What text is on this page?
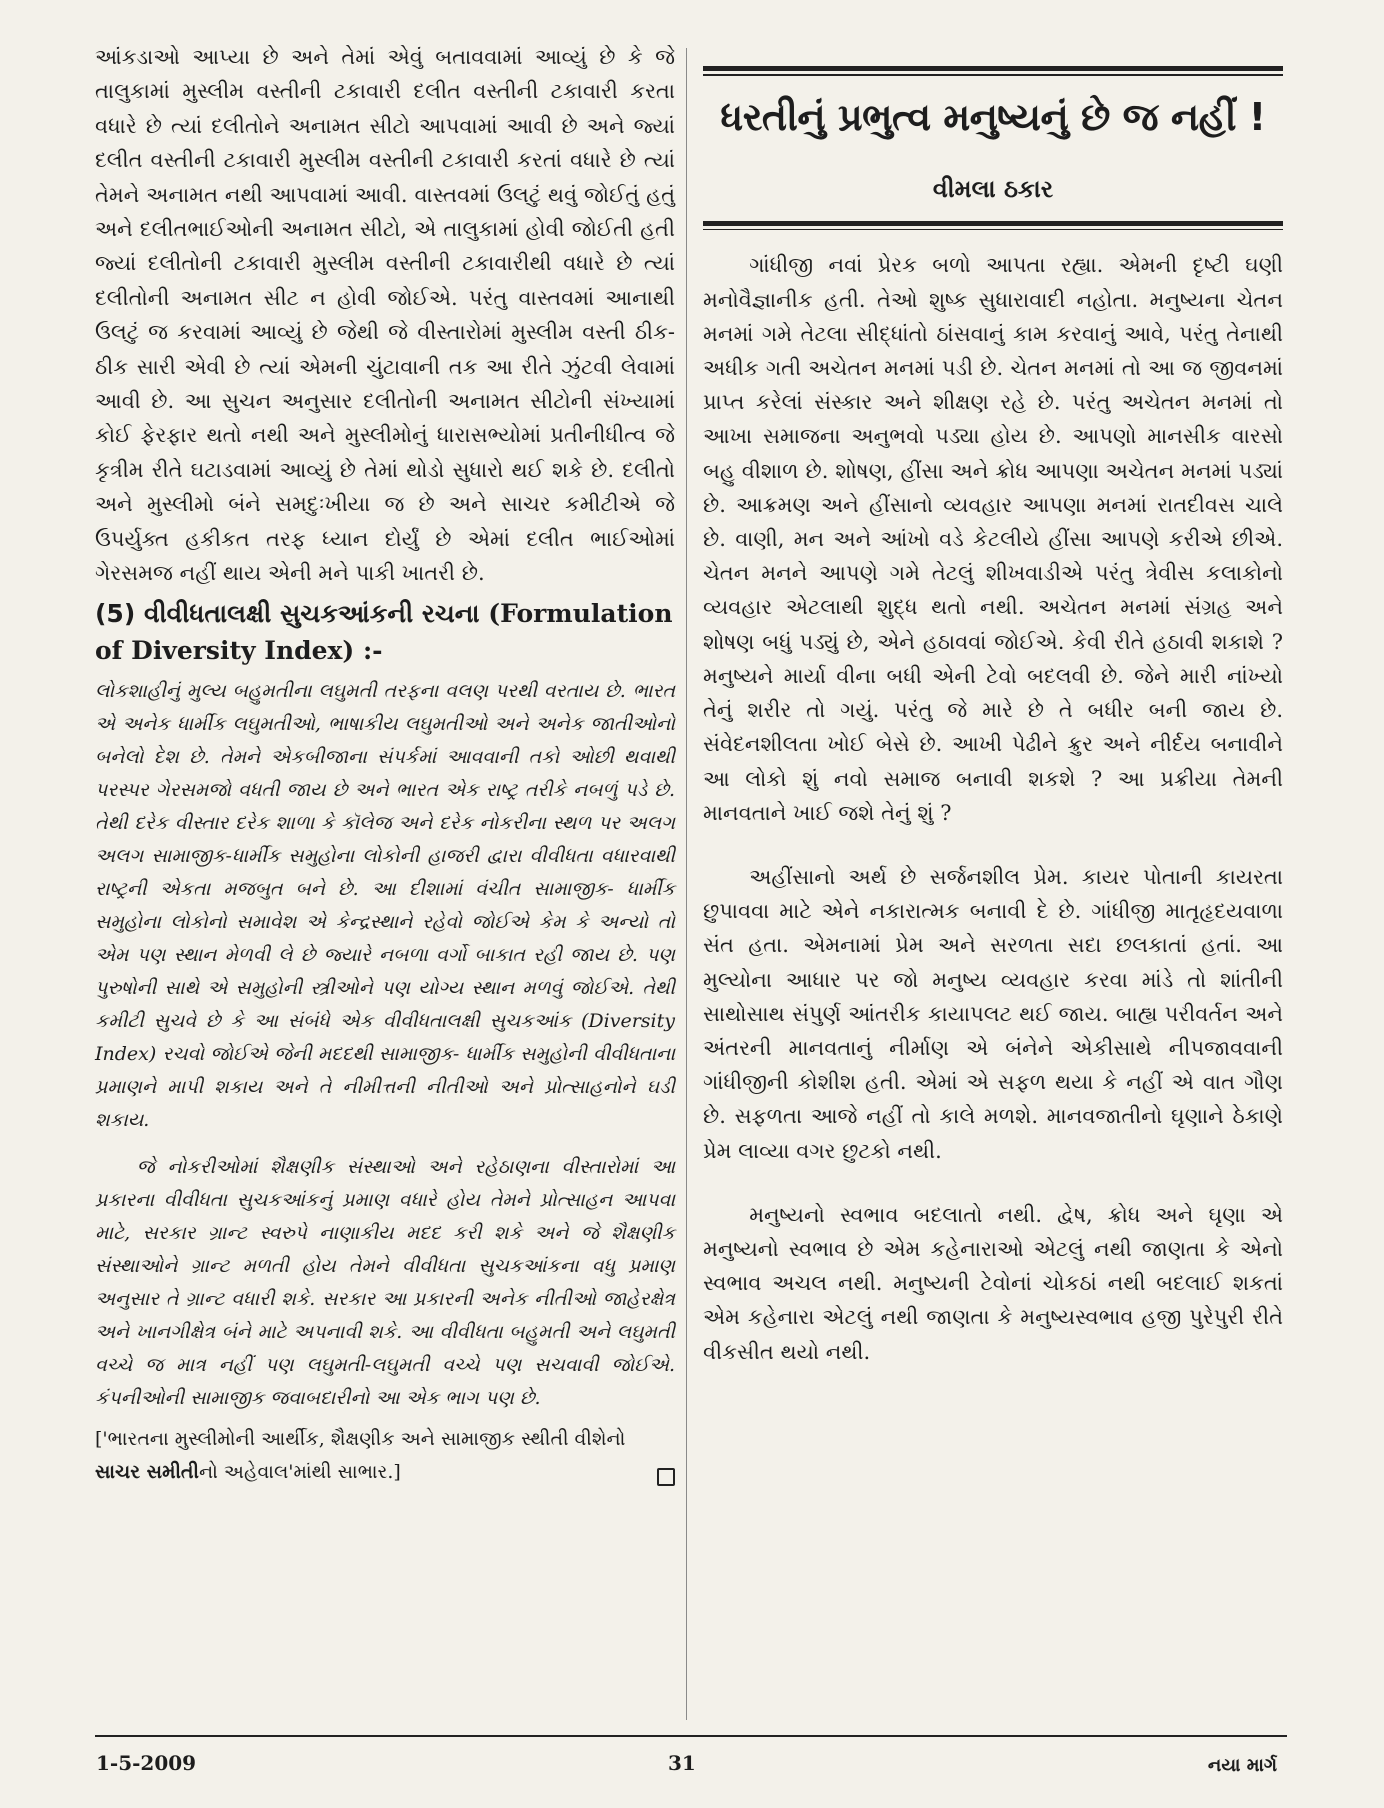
આંકડાઓ આપ્યા છે અને તેમાં એવું બતાવવામાં આવ્યું છે કે જે તાલુકામાં મુસ્લીમ વસ્તીની ટકાવારી દલીત વસ્તીની ટકાવારી કરતા વધારે છે ત્યાં દલીતોને અનામત સીટો આપવામાં આવી છે અને જ્યાં દલીત વસ્તીની ટકાવારી મુસ્લીમ વસ્તીની ટકાવારી કરતાં વધારે છે ત્યાં તેમને અનામત નથી આપવામાં આવી. વાસ્તવમાં ઉલટું થવું જોઈતું હતું અને દલીતભાઈઓની અનામત સીટો, એ તાલુકામાં હોવી જોઈતી હતી જ્યાં દલીતોની ટકાવારી મુસ્લીમ વસ્તીની ટકાવારીથી વધારે છે ત્યાં દલીતોની અનામત સીટ ન હોવી જોઈએ. પરંતુ વાસ્તવમાં આનાથી ઉલટું જ કરવામાં આવ્યું છે જેથી જે વીસ્તારોમાં મુસ્લીમ વસ્તી ઠીક-ઠીક સારી એવી છે ત્યાં એમની ચુંટાવાની તક આ રીતે ઝુંટવી લેવામાં આવી છે. આ સુચન અનુસાર દલીતોની અનામત સીટોની સંખ્યામાં કોઈ ફેરફાર થતો નથી અને મુસ્લીમોનું ધારાસભ્યોમાં પ્રતીનીધીત્વ જે કૃત્રીમ રીતે ઘટાડવામાં આવ્યું છે તેમાં થોડો સુધારો થઈ શકે છે. દલીતો અને મુસ્લીમો બંને સમદુઃખીયા જ છે અને સાચર કમીટીએ જે ઉપર્યુક્ત હકીકત તરફ ધ્યાન દોર્યું છે એમાં દલીત ભાઈઓમાં ગેરસમજ નહીં થાય એની મને પાકી ખાતરી છે.

(5) વીવીધતાલક્ષી સુચકઆંકની રચના (Formulation of Diversity Index) :-

લોકશાહીનું મુલ્ય બહુમતીના લઘુમતી તરફના વલણ પરથી વરતાય છે. ભારત એ અનેક ધાર્મીક લઘુમતીઓ, ભાષાકીય લઘુમતીઓ અને અનેક જાતીઓનો બનેલો દેશ છે. તેમને એકબીજાના સંપર્કમાં આવવાની તકો ઓછી થવાથી પરસ્પર ગેરસમજો વધતી જાય છે અને ભારત એક રાષ્ટ્ર તરીકે નબળું પડે છે. તેથી દરેક વીસ્તાર દરેક શાળા કે કૉલેજ અને દરેક નોકરીના સ્થળ પર અલગ અલગ સામાજીક-ધાર્મીક સમુહોના લોકોની હાજરી દ્વારા વીવીધતા વધારવાથી રાષ્ટ્રની એકતા મજબુત બને છે. આ દીશામાં વંચીત સામાજીક- ધાર્મીક સમુહોના લોકોનો સમાવેશ એ કેન્દ્રસ્થાને રહેવો જોઈએ કેમ કે અન્યો તો એમ પણ સ્થાન મેળવી લે છે જ્યારે નબળા વર્ગો બાકાત રહી જાય છે. પણ પુરુષોની સાથે એ સમુહોની સ્ત્રીઓને પણ યોગ્ય સ્થાન મળવું જોઈએ. તેથી કમીટી સુચવે છે કે આ સંબંધે એક વીવીધતાલક્ષી સુચકઆંક (Diversity Index) રચવો જોઈએ જેની મદદથી સામાજીક- ધાર્મીક સમુહોની વીવીધતાના પ્રમાણને માપી શકાય અને તે નીમીત્તની નીતીઓ અને પ્રોત્સાહનોને ઘડી શકાય.

જે નોકરીઓમાં શૈક્ષણીક સંસ્થાઓ અને રહેઠાણના વીસ્તારોમાં આ પ્રકારના વીવીધતા સુચકઆંકનું પ્રમાણ વધારે હોય તેમને પ્રોત્સાહન આપવા માટે, સરકાર ગ્રાન્ટ સ્વરુપે નાણાકીય મદદ કરી શકે અને જે શૈક્ષણીક સંસ્થાઓને ગ્રાન્ટ મળતી હોય તેમને વીવીધતા સુચકઆંકના વધુ પ્રમાણ અનુસાર તે ગ્રાન્ટ વધારી શકે. સરકાર આ પ્રકારની અનેક નીતીઓ જાહેરક્ષેત્ર અને ખાનગીક્ષેત્ર બંને માટે અપનાવી શકે. આ વીવીધતા બહુમતી અને લઘુમતી વચ્ચે જ માત્ર નહીં પણ લઘુમતી-લઘુમતી વચ્ચે પણ સચવાવી જોઈએ. કંપનીઓની સામાજીક જવાબદારીનો આ એક ભાગ પણ છે.

['ભારતના મુસ્લીમોની આર્થીક, શૈક્ષણીક અને સામાજીક સ્થીતી વીશેનો સાચર સમીતીનો અહેવાલ'માંથી સાભાર.]

ધરતીનું પ્રભુત્વ મનુષ્યનું છે જ નહીં !
વીમલા ઠકાર

ગાંધીજી નવાં પ્રેરક બળો આપતા રહ્યા. એમની દૃષ્ટી ઘણી મનોવૈજ્ઞાનીક હતી. તેઓ શુષ્ક સુધારાવાદી નહોતા. મનુષ્યના ચેતન મનમાં ગમે તેટલા સીદ્ધાંતો ઠાંસવાનું કામ કરવાનું આવે, પરંતુ તેનાથી અધીક ગતી અચેતન મનમાં પડી છે. ચેતન મનમાં તો આ જ જીવનમાં પ્રાપ્ત કરેલાં સંસ્કાર અને શીક્ષણ રહે છે. પરંતુ અચેતન મનમાં તો આખા સમાજના અનુભવો પડ્યા હોય છે. આપણો માનસીક વારસો બહુ વીશાળ છે. શોષણ, હીંસા અને ક્રોધ આપણા અચેતન મનમાં પડ્યાં છે. આક્રમણ અને હીંસાનો વ્યવહાર આપણા મનમાં રાતદીવસ ચાલે છે. વાણી, મન અને આંખો વડે કેટલીયે હીંસા આપણે કરીએ છીએ. ચેતન મનને આપણે ગમે તેટલું શીખવાડીએ પરંતુ ત્રેવીસ કલાકોનો વ્યવહાર એટલાથી શુદ્ધ થતો નથી. અચેતન મનમાં સંગ્રહ અને શોષણ બધું પડ્યું છે, એને હઠાવવાં જોઈએ. કેવી રીતે હઠાવી શકાશે ? મનુષ્યને માર્યા વીના બધી એની ટેવો બદલવી છે. જેને મારી નાંખ્યો તેનું શરીર તો ગયું. પરંતુ જે મારે છે તે બધીર બની જાય છે. સંવેદનશીલતા ખોઈ બેસે છે. આખી પેઢીને ક્રુર અને નીર્દય બનાવીને આ લોકો શું નવો સમાજ બનાવી શકશે ? આ પ્રક્રીયા તેમની માનવતાને ખાઈ જશે તેનું શું ?

અહીંસાનો અર્થ છે સર્જનશીલ પ્રેમ. કાયર પોતાની કાયરતા છુપાવવા માટે એને નકારાત્મક બનાવી દે છે. ગાંધીજી માતૃહૃદયવાળા સંત હતા. એમનામાં પ્રેમ અને સરળતા સદા છલકાતાં હતાં. આ મુલ્યોના આધાર પર જો મનુષ્ય વ્યવહાર કરવા માંડે તો શાંતીની સાથોસાથ સંપુર્ણ આંતરીક કાયાપલટ થઈ જાય. બાહ્ય પરીવર્તન અને અંતરની માનવતાનું નીર્માણ એ બંનેને એકીસાથે નીપજાવવાની ગાંધીજીની કોશીશ હતી. એમાં એ સફળ થયા કે નહીં એ વાત ગૌણ છે. સફળતા આજે નહીં તો કાલે મળશે. માનવજાતીનો ઘૃણાને ઠેકાણે પ્રેમ લાવ્યા વગર છુટકો નથી.

મનુષ્યનો સ્વભાવ બદલાતો નથી. દ્વેષ, ક્રોધ અને ઘૃણા એ મનુષ્યનો સ્વભાવ છે એમ કહેનારાઓ એટલું નથી જાણતા કે એનો સ્વભાવ અચલ નથી. મનુષ્યની ટેવોનાં ચોકઠાં નથી બદલાઈ શકતાં એમ કહેનારા એટલું નથી જાણતા કે મનુષ્યસ્વભાવ હજી પુરેપુરી રીતે વીકસીત થયો નથી.

1-5-2009	31	નયા માર્ગ
